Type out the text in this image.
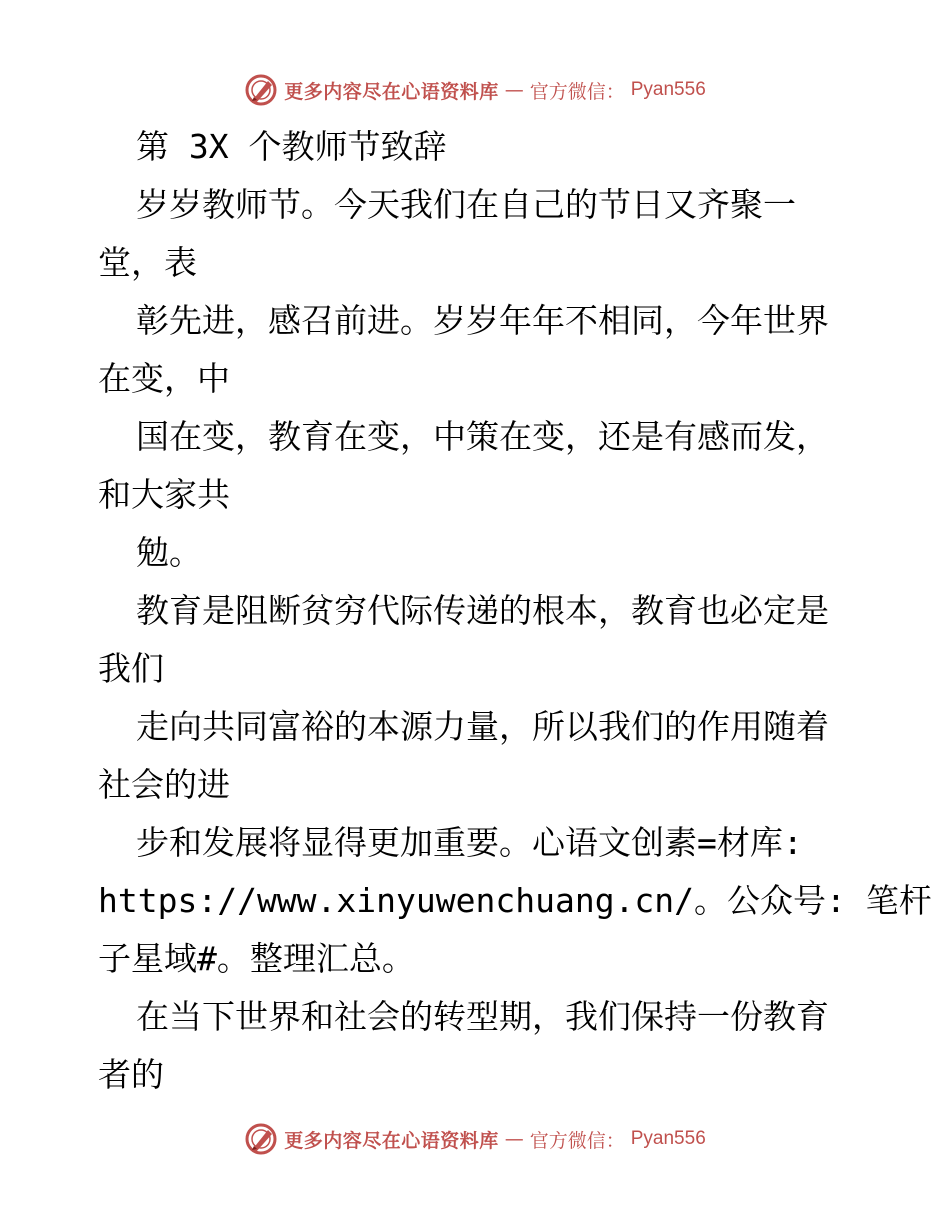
更多内容尽在心语资料库 — 官方微信： Pyan556
第 3X 个教师节致辞
岁岁教师节。今天我们在自己的节日又齐聚一
堂，表
彰先进，感召前进。岁岁年年不相同，今年世界
在变，中
国在变，教育在变，中策在变，还是有感而发，
和大家共
勉。
教育是阻断贫穷代际传递的根本，教育也必定是
我们
走向共同富裕的本源力量，所以我们的作用随着
社会的进
步和发展将显得更加重要。心语文创素=材库:
https://www.xinyuwenchuang.cn/。公众号: 笔杆
子星域#。整理汇总。
在当下世界和社会的转型期，我们保持一份教育
者的
更多内容尽在心语资料库 — 官方微信： Pyan556
